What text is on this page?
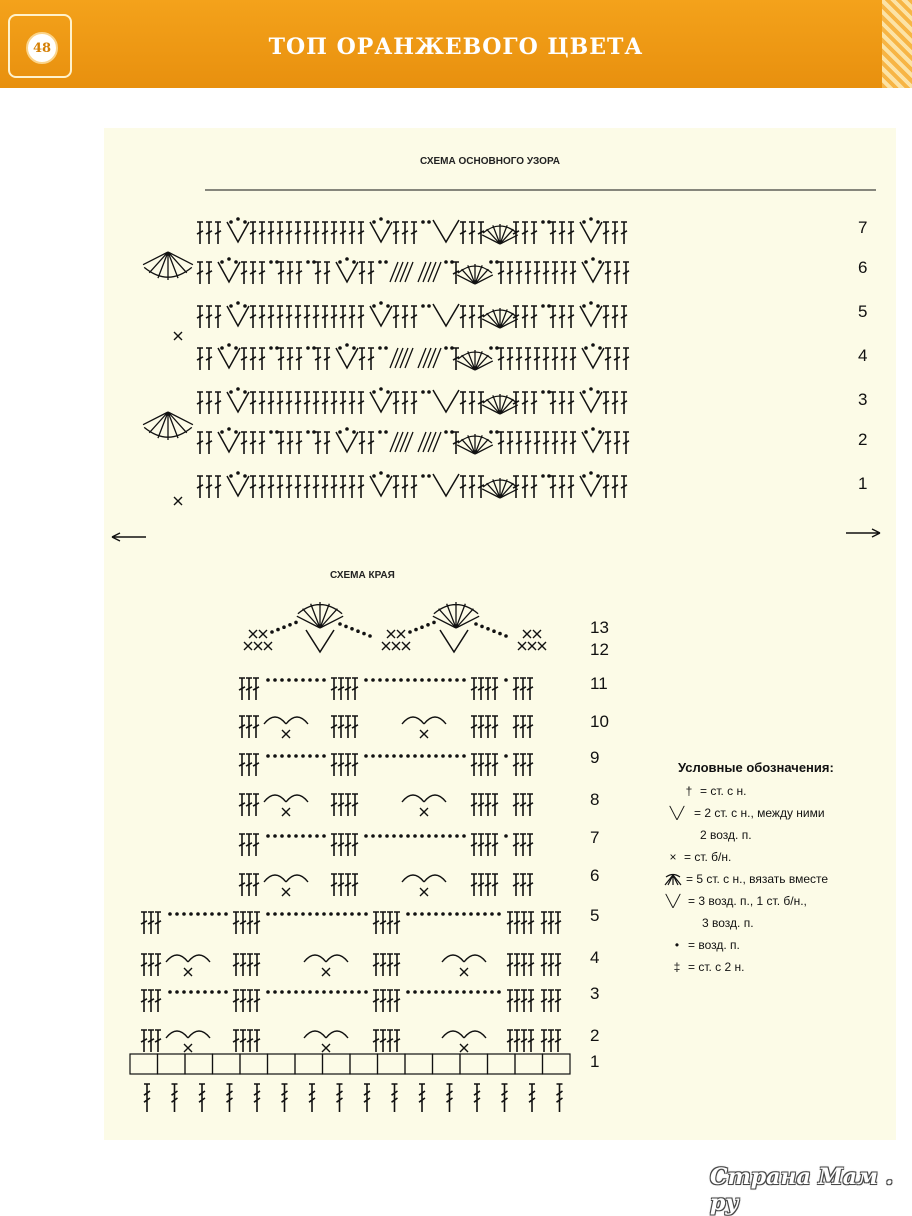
48	ТОП ОРАНЖЕВОГО ЦВЕТА
СХЕМА ОСНОВНОГО УЗОРА
7
6
5
4
3
2
1
СХЕМА КРАЯ
13
12
11
10
9
8
7
6
5
4
3
2
1
Условные обозначения:
† = ст. с н.
╲╱ = 2 ст. с н., между ними
2 возд. п.
× = ст. б/н.
= 5 ст. с н., вязать вместе
╲╱ = 3 возд. п., 1 ст. б/н.,
3 возд. п.
• = возд. п.
‡ = ст. с 2 н.
Страна Мам . ру
